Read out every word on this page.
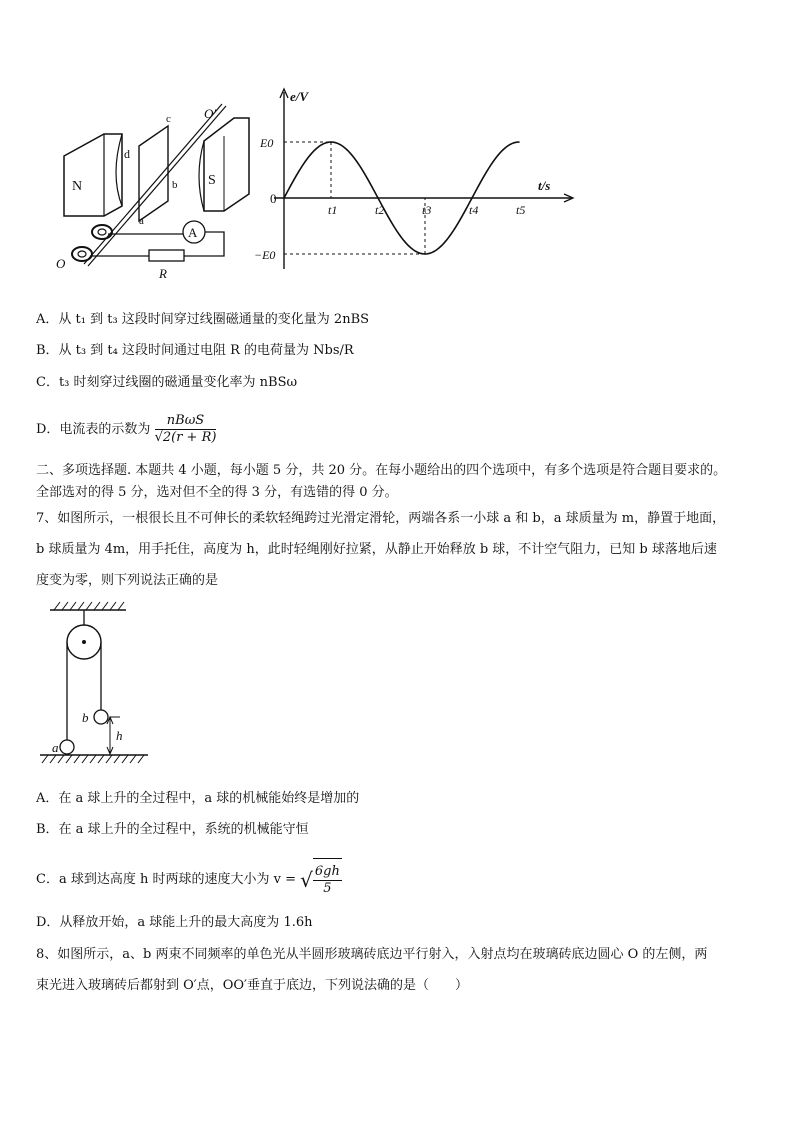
N
c
d
b
a
O'
O
S
A
R
e/V
t/s
0
E0
−E0
t1	t2	t3	t4	t5
A．从 t₁ 到 t₃ 这段时间穿过线圈磁通量的变化量为 2nBS
B．从 t₃ 到 t₄ 这段时间通过电阻 R 的电荷量为 Nbs/R
C．t₃ 时刻穿过线圈的磁通量变化率为 nBSω
D．电流表的示数为 $\frac{\text{nBωS}}{√2(r + R)}$
二、多项选择题. 本题共 4 小题，每小题 5 分，共 20 分。在每小题给出的四个选项中，有多个选项是符合题目要求的。
全部选对的得 5 分，选对但不全的得 3 分，有选错的得 0 分。
7、如图所示，一根很长且不可伸长的柔软轻绳跨过光滑定滑轮，两端各系一小球 a 和 b，a 球质量为 m，静置于地面，
b 球质量为 4m，用手托住，高度为 h，此时轻绳刚好拉紧，从静止开始释放 b 球，不计空气阻力，已知 b 球落地后速
度变为零，则下列说法正确的是
a
b
h
A．在 a 球上升的全过程中，a 球的机械能始终是增加的
B．在 a 球上升的全过程中，系统的机械能守恒
C．a 球到达高度 h 时两球的速度大小为 v = √ $\frac{6gh}{5}$
D．从释放开始，a 球能上升的最大高度为 1.6h
8、如图所示，a、b 两束不同频率的单色光从半圆形玻璃砖底边平行射入，入射点均在玻璃砖底边圆心 O 的左侧，两
束光进入玻璃砖后都射到 O′点，OO′垂直于底边，下列说法确的是（　　）
